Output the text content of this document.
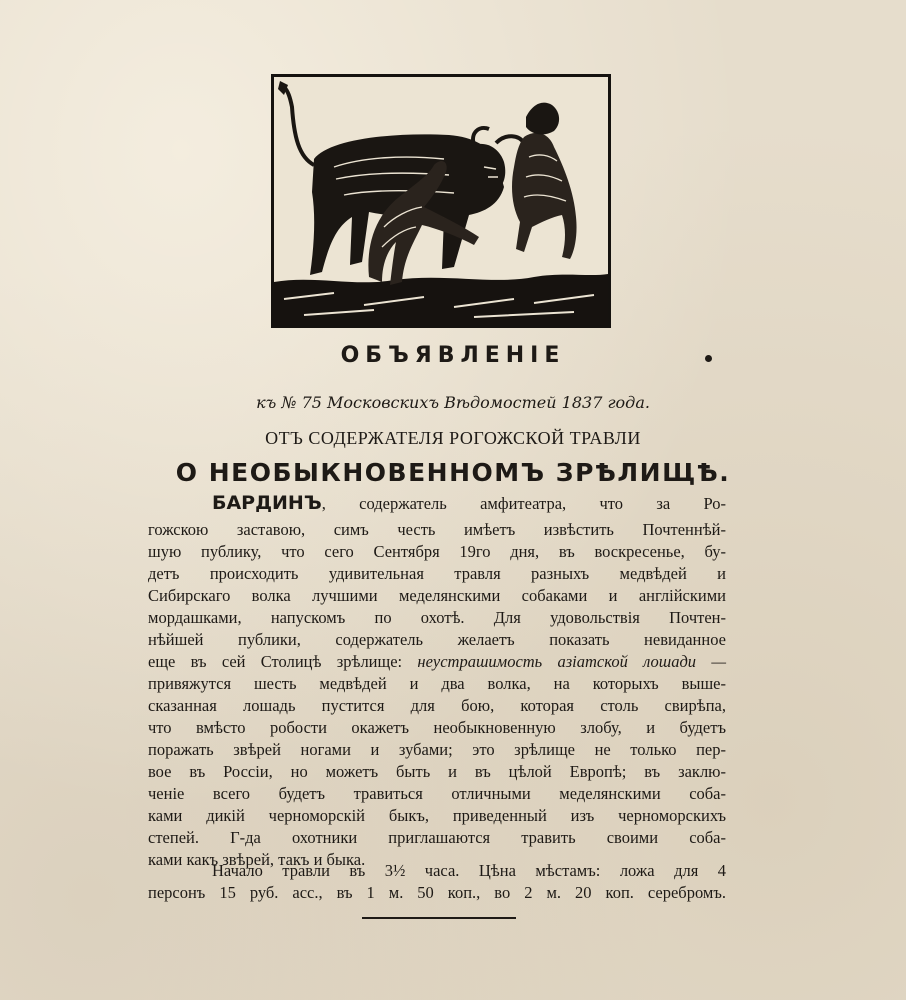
ОБЪЯВЛЕНІЕ
къ № 75 Московскихъ Вѣдомостей 1837 года.
ОТЪ СОДЕРЖАТЕЛЯ РОГОЖСКОЙ ТРАВЛИ
О НЕОБЫКНОВЕННОМЪ ЗРѢЛИЩѢ.
БАРДИНЪ, содержатель амфитеатра, что за Ро-
гожскою заставою, симъ честь имѣетъ извѣстить Почтеннѣй-
шую публику, что сего Сентября 19го дня, въ воскресенье, бу-
детъ происходить удивительная травля разныхъ медвѣдей и
Сибирскаго волка лучшими меделянскими собаками и англійскими
мордашками, напускомъ по охотѣ. Для удовольствія Почтен-
нѣйшей публики, содержатель желаетъ показать невиданное
еще въ сей Столицѣ зрѣлище: неустрашимость азіатской лошади —
привяжутся шесть медвѣдей и два волка, на которыхъ выше-
сказанная лошадь пустится для бою, которая столь свирѣпа,
что вмѣсто робости окажетъ необыкновенную злобу, и будетъ
поражать звѣрей ногами и зубами; это зрѣлище не только пер-
вое въ Россіи, но можетъ быть и въ цѣлой Европѣ; въ заклю-
ченіе всего будетъ травиться отличными меделянскими соба-
ками дикій черноморскій быкъ, приведенный изъ черноморскихъ
степей. Г-да охотники приглашаются травить своими соба-
ками какъ звѣрей, такъ и быка.
Начало травли въ 3½ часа. Цѣна мѣстамъ: ложа для 4
персонъ 15 руб. асс., въ 1 м. 50 коп., во 2 м. 20 коп. серебромъ.
